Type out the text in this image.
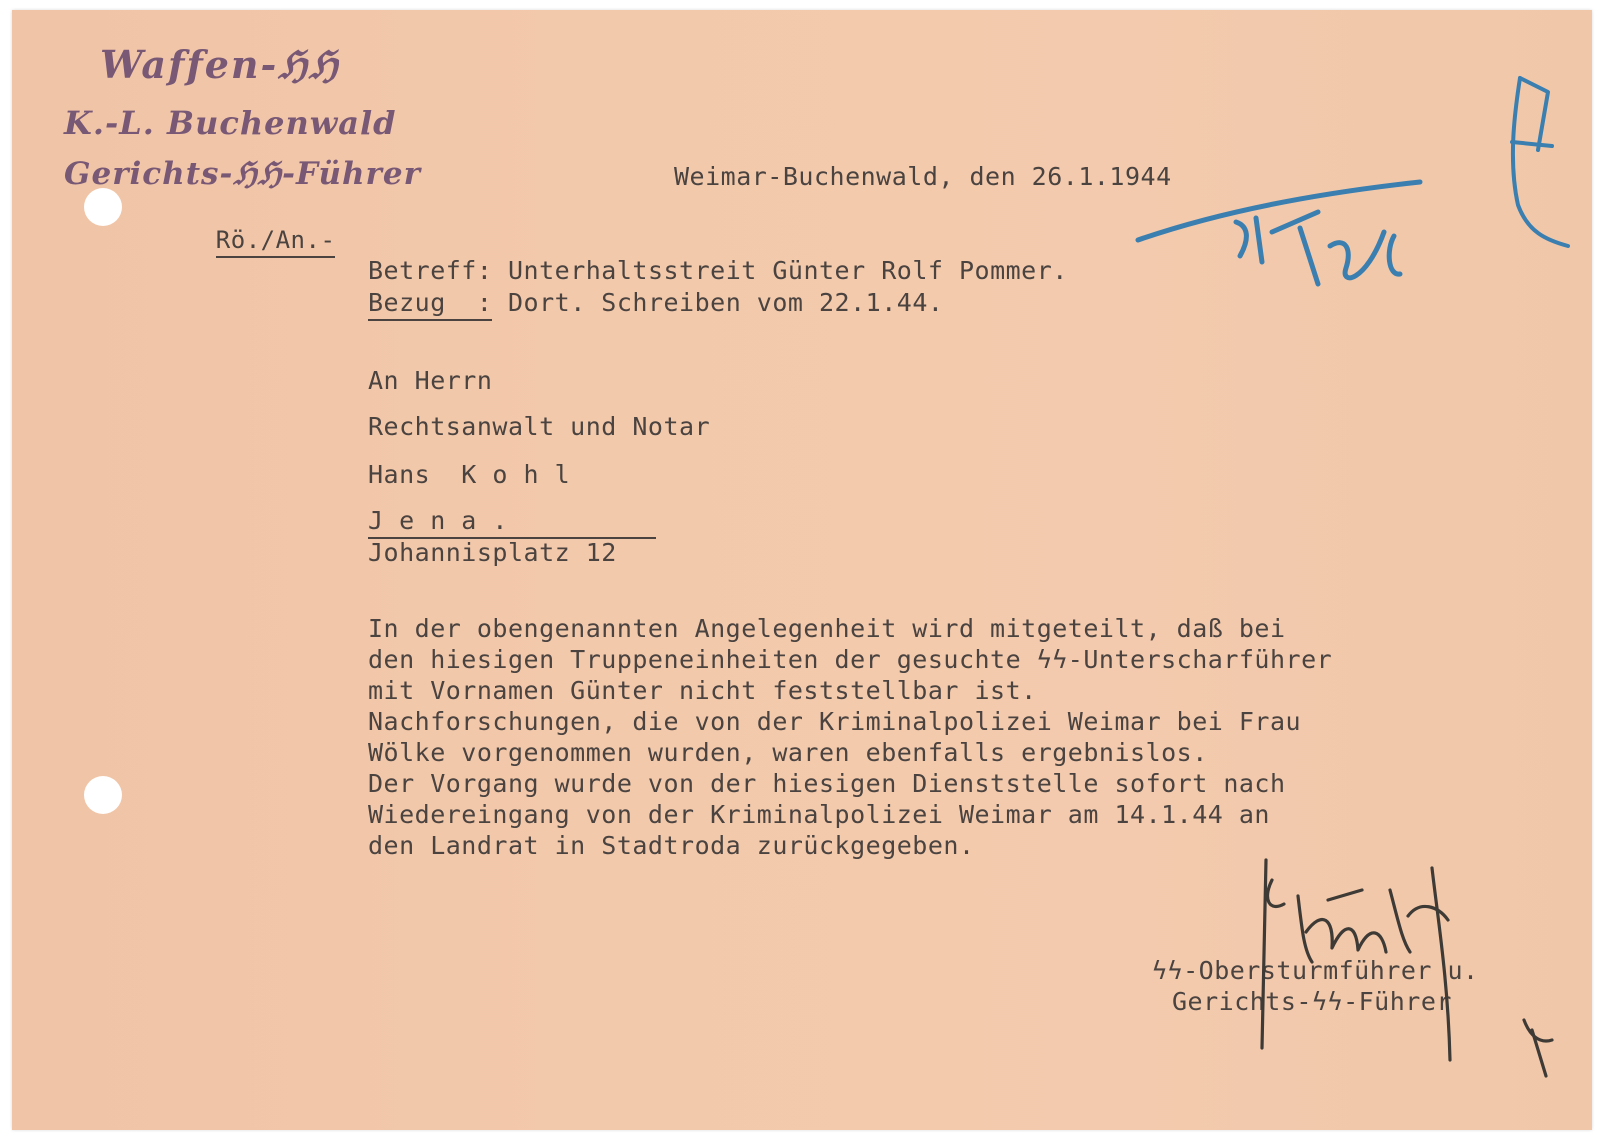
Waffen-ℌℌ
K.-L. Buchenwald
Gerichts-ℌℌ-Führer

Rö./An.-

Weimar-Buchenwald, den 26.1.1944
Betreff: Unterhaltsstreit Günter Rolf Pommer.
Bezug  : Dort. Schreiben vom 22.1.44.
An Herrn
Rechtsanwalt und Notar
Hans  K o h l
J e n a .
Johannisplatz 12
In der obengenannten Angelegenheit wird mitgeteilt, daß bei
den hiesigen Truppeneinheiten der gesuchte ϟϟ-Unterscharführer
mit Vornamen Günter nicht feststellbar ist.
Nachforschungen, die von der Kriminalpolizei Weimar bei Frau
Wölke vorgenommen wurden, waren ebenfalls ergebnislos.
Der Vorgang wurde von der hiesigen Dienststelle sofort nach
Wiedereingang von der Kriminalpolizei Weimar am 14.1.44 an
den Landrat in Stadtroda zurückgegeben.
ϟϟ-Obersturmführer u.
Gerichts-ϟϟ-Führer
